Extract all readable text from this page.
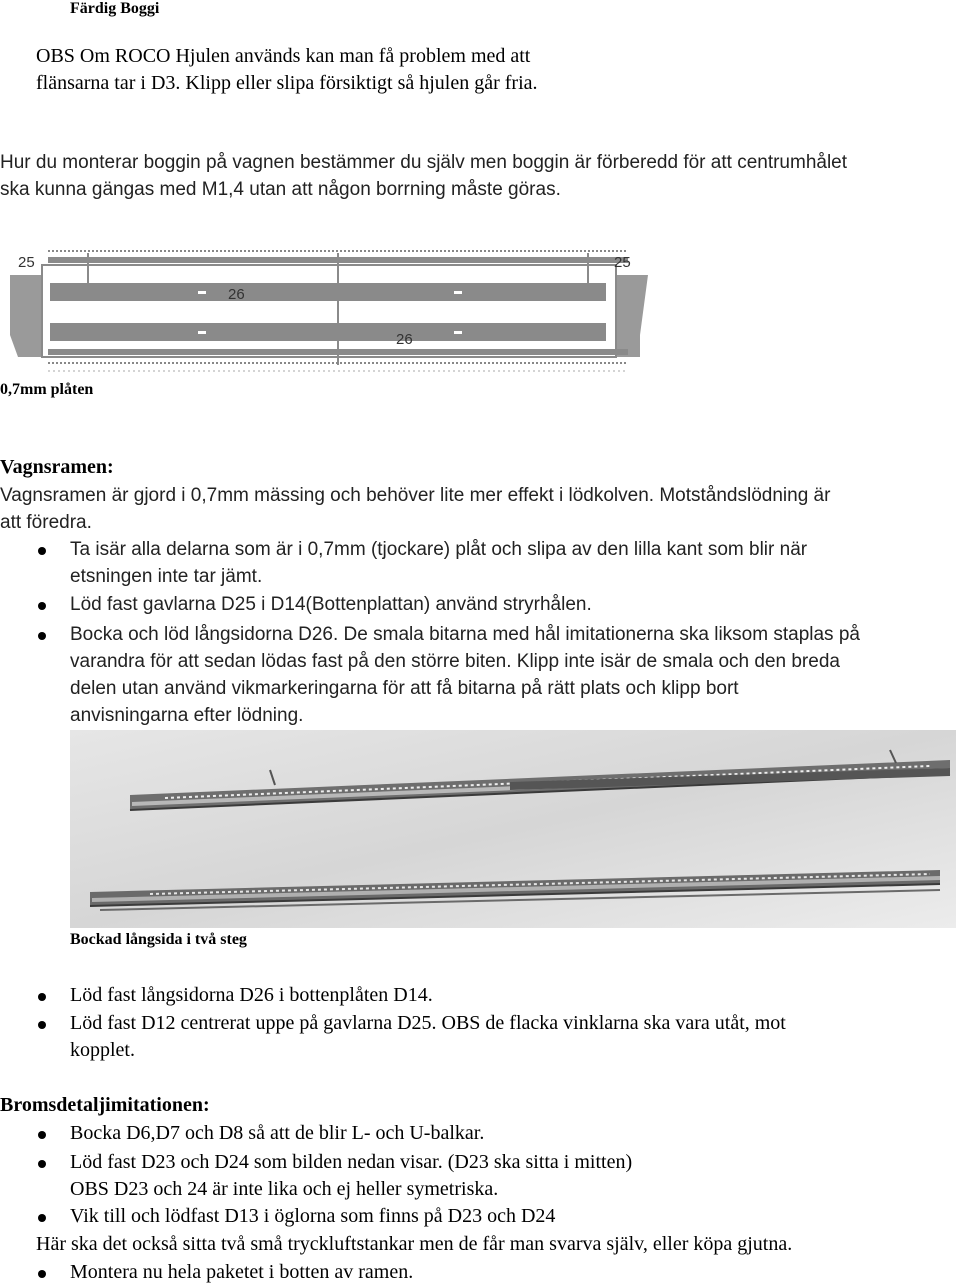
Färdig Boggi
OBS Om ROCO Hjulen används kan man få problem med att
flänsarna tar i D3. Klipp eller slipa försiktigt så hjulen går fria.
Hur du monterar boggin på vagnen bestämmer du själv men boggin är förberedd för att centrumhålet
ska kunna gängas med M1,4 utan att någon borrning måste göras.
25
26
26
25
0,7mm plåten
Vagnsramen:
Vagnsramen är gjord i 0,7mm mässing och behöver lite mer effekt i lödkolven. Motståndslödning är
att föredra.
Ta isär alla delarna som är i 0,7mm (tjockare) plåt och slipa av den lilla kant som blir när
etsningen inte tar jämt.
Löd fast gavlarna D25 i D14(Bottenplattan) använd stryrhålen.
Bocka och löd långsidorna D26. De smala bitarna med hål imitationerna ska liksom staplas på
varandra för att sedan lödas fast på den större biten. Klipp inte isär de smala och den breda
delen utan använd vikmarkeringarna för att få bitarna på rätt plats och klipp bort
anvisningarna efter lödning.
Bockad långsida i två steg
Löd fast långsidorna D26 i bottenplåten D14.
Löd fast D12 centrerat uppe på gavlarna D25. OBS de flacka vinklarna ska vara utåt, mot
kopplet.
Bromsdetaljimitationen:
Bocka D6,D7 och D8 så att de blir L- och U-balkar.
Löd fast D23 och D24 som bilden nedan visar. (D23 ska sitta i mitten)
OBS D23 och 24 är inte lika och ej heller symetriska.
Vik till och lödfast D13 i öglorna som finns på D23 och D24
Här ska det också sitta två små tryckluftstankar men de får man svarva själv, eller köpa gjutna.
Montera nu hela paketet i botten av ramen.
